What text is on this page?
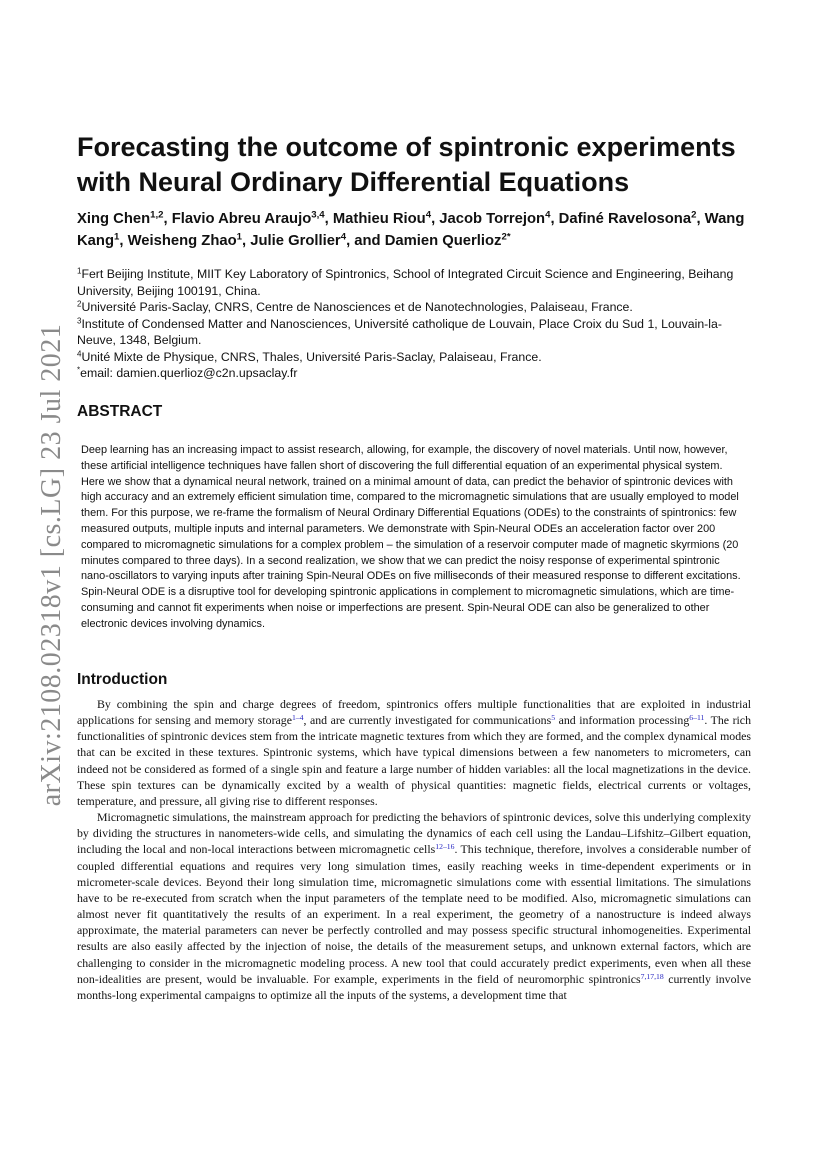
arXiv:2108.02318v1 [cs.LG] 23 Jul 2021
Forecasting the outcome of spintronic experiments with Neural Ordinary Differential Equations
Xing Chen$^{1,2}$, Flavio Abreu Araujo$^{3,4}$, Mathieu Riou$^4$, Jacob Torrejon$^4$, Dafiné Ravelosona$^2$, Wang Kang$^1$, Weisheng Zhao$^1$, Julie Grollier$^4$, and Damien Querlioz$^{2*}$
$^1$Fert Beijing Institute, MIIT Key Laboratory of Spintronics, School of Integrated Circuit Science and Engineering, Beihang University, Beijing 100191, China.
$^2$Université Paris-Saclay, CNRS, Centre de Nanosciences et de Nanotechnologies, Palaiseau, France.
$^3$Institute of Condensed Matter and Nanosciences, Université catholique de Louvain, Place Croix du Sud 1, Louvain-la-Neuve, 1348, Belgium.
$^4$Unité Mixte de Physique, CNRS, Thales, Université Paris-Saclay, Palaiseau, France.
*email: damien.querlioz@c2n.upsaclay.fr
ABSTRACT

Deep learning has an increasing impact to assist research, allowing, for example, the discovery of novel materials. Until now, however, these artificial intelligence techniques have fallen short of discovering the full differential equation of an experimental physical system. Here we show that a dynamical neural network, trained on a minimal amount of data, can predict the behavior of spintronic devices with high accuracy and an extremely efficient simulation time, compared to the micromagnetic simulations that are usually employed to model them. For this purpose, we re-frame the formalism of Neural Ordinary Differential Equations (ODEs) to the constraints of spintronics: few measured outputs, multiple inputs and internal parameters. We demonstrate with Spin-Neural ODEs an acceleration factor over 200 compared to micromagnetic simulations for a complex problem – the simulation of a reservoir computer made of magnetic skyrmions (20 minutes compared to three days). In a second realization, we show that we can predict the noisy response of experimental spintronic nano-oscillators to varying inputs after training Spin-Neural ODEs on five milliseconds of their measured response to different excitations. Spin-Neural ODE is a disruptive tool for developing spintronic applications in complement to micromagnetic simulations, which are time-consuming and cannot fit experiments when noise or imperfections are present. Spin-Neural ODE can also be generalized to other electronic devices involving dynamics.

Introduction

By combining the spin and charge degrees of freedom, spintronics offers multiple functionalities that are exploited in industrial applications for sensing and memory storage$^{1-4}$, and are currently investigated for communications$^5$ and information processing$^{6-11}$. The rich functionalities of spintronic devices stem from the intricate magnetic textures from which they are formed, and the complex dynamical modes that can be excited in these textures. Spintronic systems, which have typical dimensions between a few nanometers to micrometers, can indeed not be considered as formed of a single spin and feature a large number of hidden variables: all the local magnetizations in the device. These spin textures can be dynamically excited by a wealth of physical quantities: magnetic fields, electrical currents or voltages, temperature, and pressure, all giving rise to different responses.

Micromagnetic simulations, the mainstream approach for predicting the behaviors of spintronic devices, solve this underlying complexity by dividing the structures in nanometers-wide cells, and simulating the dynamics of each cell using the Landau–Lifshitz–Gilbert equation, including the local and non-local interactions between micromagnetic cells$^{12-16}$. This technique, therefore, involves a considerable number of coupled differential equations and requires very long simulation times, easily reaching weeks in time-dependent experiments or in micrometer-scale devices. Beyond their long simulation time, micromagnetic simulations come with essential limitations. The simulations have to be re-executed from scratch when the input parameters of the template need to be modified. Also, micromagnetic simulations can almost never fit quantitatively the results of an experiment. In a real experiment, the geometry of a nanostructure is indeed always approximate, the material parameters can never be perfectly controlled and may possess specific structural inhomogeneities. Experimental results are also easily affected by the injection of noise, the details of the measurement setups, and unknown external factors, which are challenging to consider in the micromagnetic modeling process. A new tool that could accurately predict experiments, even when all these non-idealities are present, would be invaluable. For example, experiments in the field of neuromorphic spintronics$^{7,17,18}$ currently involve months-long experimental campaigns to optimize all the inputs of the systems, a development time that
